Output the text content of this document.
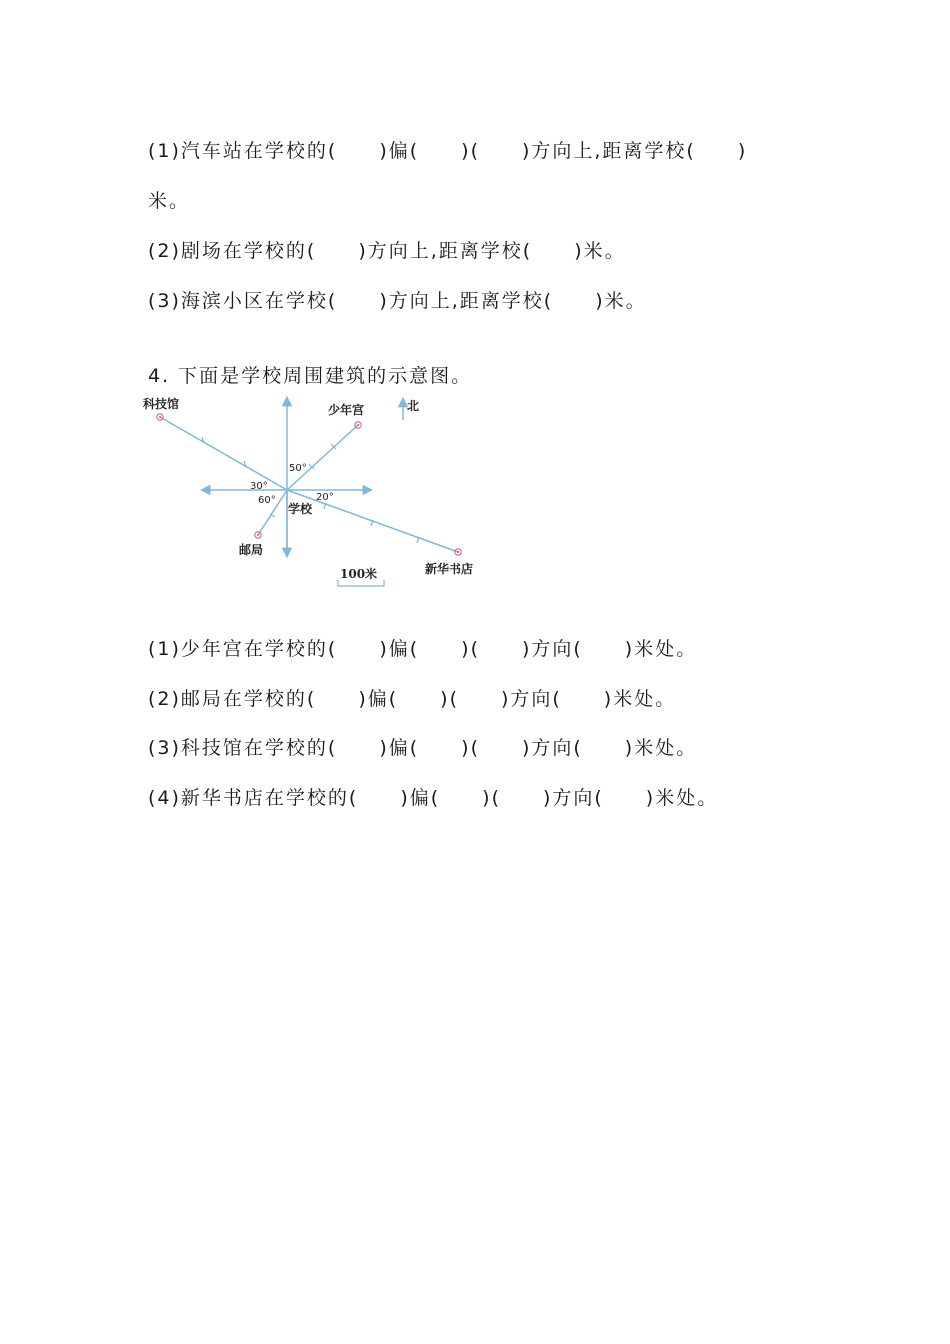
(1)汽车站在学校的(　　)偏(　　)(　　)方向上,距离学校(　　)
米。
(2)剧场在学校的(　　)方向上,距离学校(　　)米。
(3)海滨小区在学校(　　)方向上,距离学校(　　)米。
4. 下面是学校周围建筑的示意图。
科技馆	少年宫	北
学校
邮局
新华书店
50°
30°
60°	20°
100米
(1)少年宫在学校的(　　)偏(　　)(　　)方向(　　)米处。
(2)邮局在学校的(　　)偏(　　)(　　)方向(　　)米处。
(3)科技馆在学校的(　　)偏(　　)(　　)方向(　　)米处。
(4)新华书店在学校的(　　)偏(　　)(　　)方向(　　)米处。
